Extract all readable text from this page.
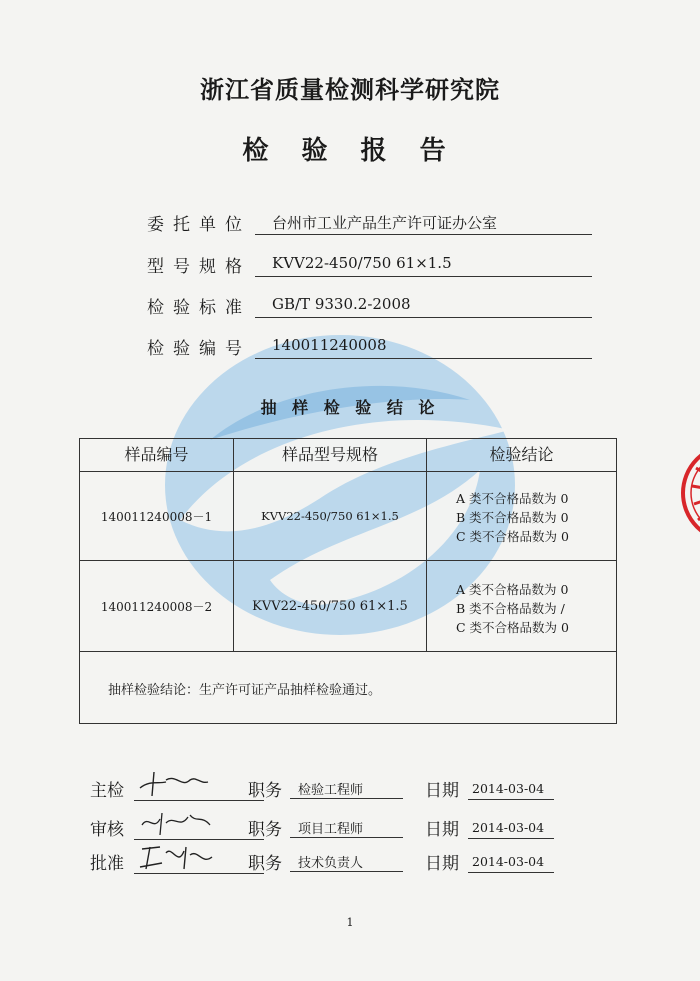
浙江省质量检测科学研究院
检 验 报 告
委托单位	台州市工业产品生产许可证办公室
型号规格	KVV22-450/750 61×1.5
检验标准	GB/T 9330.2-2008
检验编号	140011240008
抽 样 检 验 结 论
样品编号	样品型号规格	检验结论
140011240008－1	KVV22-450/750 61×1.5
A 类不合格品数为 0
B 类不合格品数为 0
C 类不合格品数为 0
140011240008－2	KVV22-450/750 61×1.5
A 类不合格品数为 0
B 类不合格品数为 /
C 类不合格品数为 0
抽样检验结论：生产许可证产品抽样检验通过。
主检	职务	检验工程师	日期	2014-03-04
审核	职务	项目工程师	日期	2014-03-04
批准	职务	技术负责人	日期	2014-03-04
1
